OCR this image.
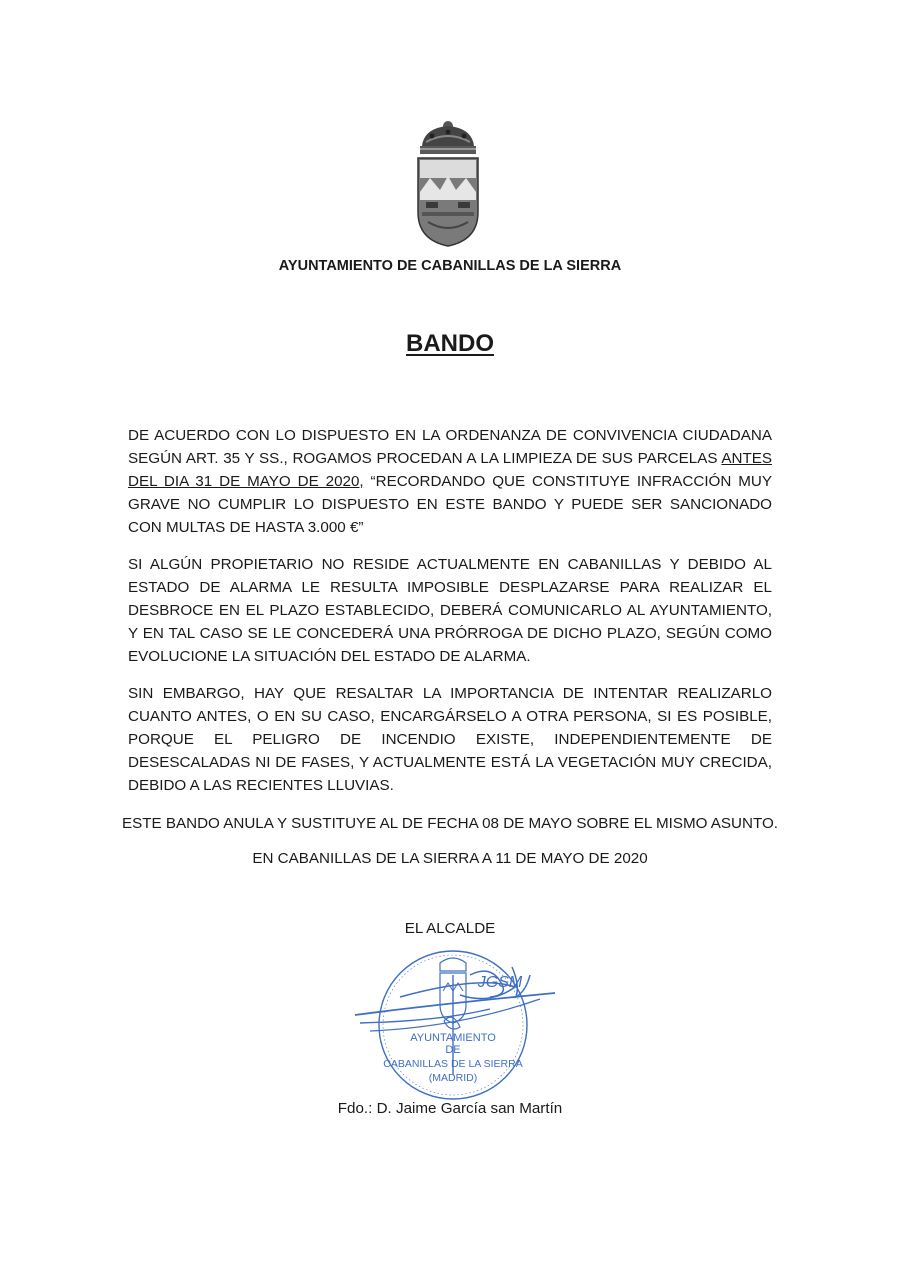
AYUNTAMIENTO DE CABANILLAS DE LA SIERRA
BANDO

DE ACUERDO CON LO DISPUESTO EN LA ORDENANZA DE CONVIVENCIA CIUDADANA SEGÚN ART. 35 Y SS., ROGAMOS PROCEDAN A LA LIMPIEZA DE SUS PARCELAS ANTES DEL DIA 31 DE MAYO DE 2020, “RECORDANDO QUE CONSTITUYE INFRACCIÓN MUY GRAVE NO CUMPLIR LO DISPUESTO EN ESTE BANDO Y PUEDE SER SANCIONADO CON MULTAS DE HASTA 3.000 €”

SI ALGÚN PROPIETARIO NO RESIDE ACTUALMENTE EN CABANILLAS Y DEBIDO AL ESTADO DE ALARMA LE RESULTA IMPOSIBLE DESPLAZARSE PARA REALIZAR EL DESBROCE EN EL PLAZO ESTABLECIDO, DEBERÁ COMUNICARLO AL AYUNTAMIENTO, Y EN TAL CASO SE LE CONCEDERÁ UNA PRÓRROGA DE DICHO PLAZO, SEGÚN COMO EVOLUCIONE LA SITUACIÓN DEL ESTADO DE ALARMA.

SIN EMBARGO, HAY QUE RESALTAR LA IMPORTANCIA DE INTENTAR REALIZARLO CUANTO ANTES, O EN SU CASO, ENCARGÁRSELO A OTRA PERSONA, SI ES POSIBLE, PORQUE EL PELIGRO DE INCENDIO EXISTE, INDEPENDIENTEMENTE DE DESESCALADAS NI DE FASES, Y ACTUALMENTE ESTÁ LA VEGETACIÓN MUY CRECIDA, DEBIDO A LAS RECIENTES LLUVIAS.

ESTE BANDO ANULA Y SUSTITUYE AL DE FECHA 08 DE MAYO SOBRE EL MISMO ASUNTO.
EN CABANILLAS DE LA SIERRA A 11 DE MAYO DE 2020
EL ALCALDE
JGSM
AYUNTAMIENTO
DE
CABANILLAS DE LA SIERRA
(MADRID)
Fdo.: D. Jaime García san Martín
